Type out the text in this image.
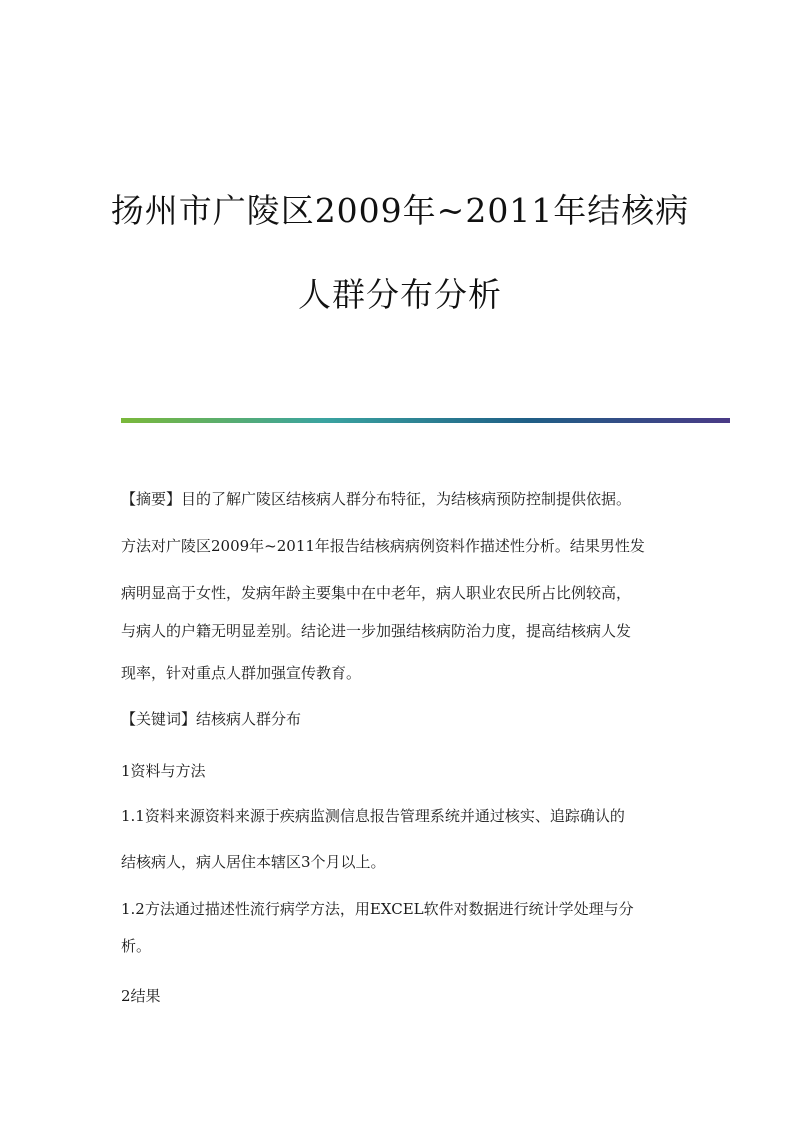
扬州市广陵区2009年~2011年结核病
人群分布分析
【摘要】目的了解广陵区结核病人群分布特征，为结核病预防控制提供依据。
方法对广陵区2009年~2011年报告结核病病例资料作描述性分析。结果男性发
病明显高于女性，发病年龄主要集中在中老年，病人职业农民所占比例较高，
与病人的户籍无明显差别。结论进一步加强结核病防治力度，提高结核病人发
现率，针对重点人群加强宣传教育。
【关键词】结核病人群分布
1资料与方法
1.1资料来源资料来源于疾病监测信息报告管理系统并通过核实、追踪确认的
结核病人，病人居住本辖区3个月以上。
1.2方法通过描述性流行病学方法，用EXCEL软件对数据进行统计学处理与分
析。
2结果
